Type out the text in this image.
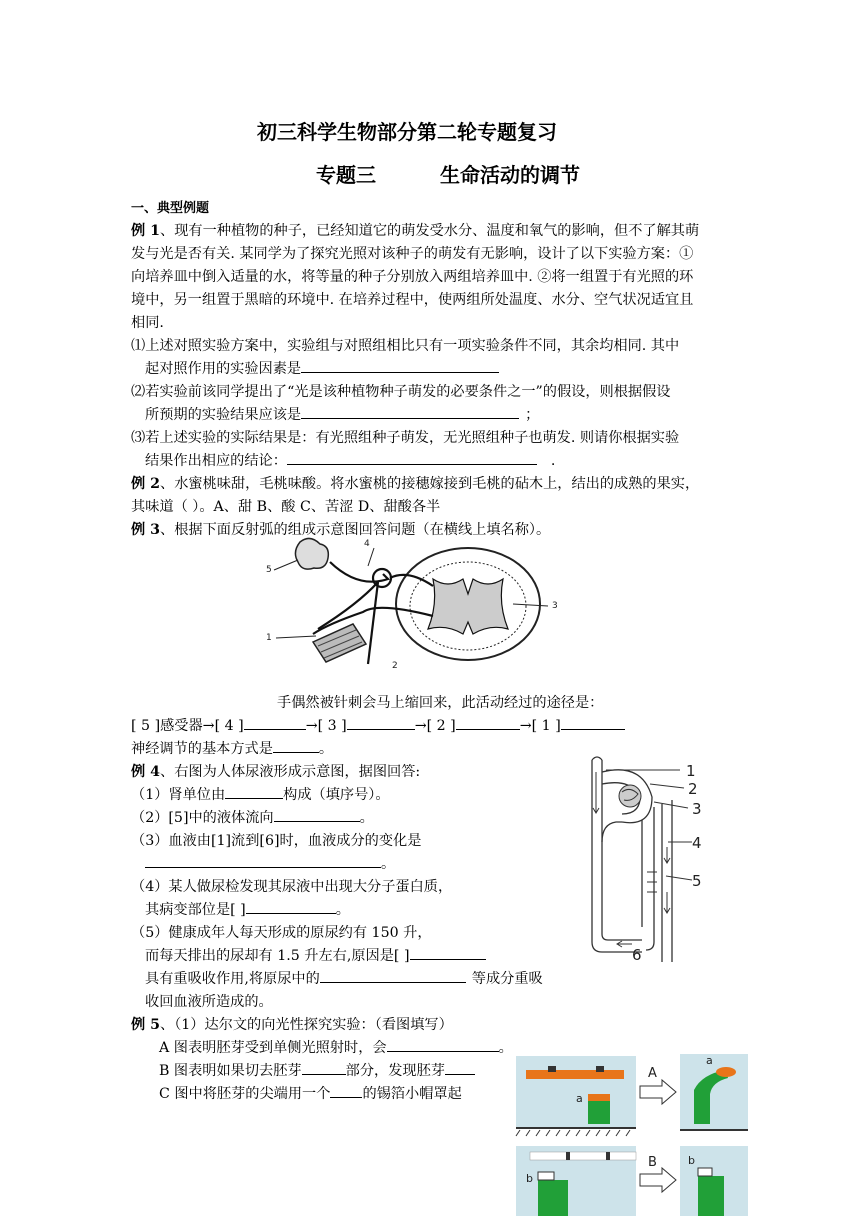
初三科学生物部分第二轮专题复习
专题三	生命活动的调节
一、典型例题
例 1、现有一种植物的种子，已经知道它的萌发受水分、温度和氧气的影响，但不了解其萌
发与光是否有关. 某同学为了探究光照对该种子的萌发有无影响，设计了以下实验方案：①
向培养皿中倒入适量的水，将等量的种子分别放入两组培养皿中. ②将一组置于有光照的环
境中，另一组置于黑暗的环境中. 在培养过程中，使两组所处温度、水分、空气状况适宜且
相同.
⑴上述对照实验方案中，实验组与对照组相比只有一项实验条件不同，其余均相同. 其中
起对照作用的实验因素是
⑵若实验前该同学提出了“光是该种植物种子萌发的必要条件之一”的假设，则根据假设
所预期的实验结果应该是	；
⑶若上述实验的实际结果是：有光照组种子萌发，无光照组种子也萌发. 则请你根据实验
结果作出相应的结论：	.
例 2、水蜜桃味甜，毛桃味酸。将水蜜桃的接穗嫁接到毛桃的砧木上，结出的成熟的果实，
其味道（ ）。A、甜 B、酸 C、苦涩 D、甜酸各半
例 3、根据下面反射弧的组成示意图回答问题（在横线上填名称）。
1
2
3
4
5
手偶然被针刺会马上缩回来，此活动经过的途径是：
[ 5 ]感受器→[ 4 ]	→[ 3 ]	→[ 2 ]	→[ 1 ]
神经调节的基本方式是	。
例 4、右图为人体尿液形成示意图，据图回答:
（1）肾单位由	构成（填序号）。
（2）[5]中的液体流向	。
（3）血液由[1]流到[6]时，血液成分的变化是
。
（4）某人做尿检发现其尿液中出现大分子蛋白质，
其病变部位是[ ]	。
（5）健康成年人每天形成的原尿约有 150 升，
而每天排出的尿却有 1.5 升左右,原因是[ ]
具有重吸收作用,将原尿中的	等成分重吸
收回血液所造成的。
1
2
3
4
5
6
例 5、（1）达尔文的向光性探究实验：（看图填写）
A 图表明胚芽受到单侧光照射时，会	。
B 图表明如果切去胚芽	部分，发现胚芽
C 图中将胚芽的尖端用一个 的锡箔小帽罩起	a
A
a
b
B	b
